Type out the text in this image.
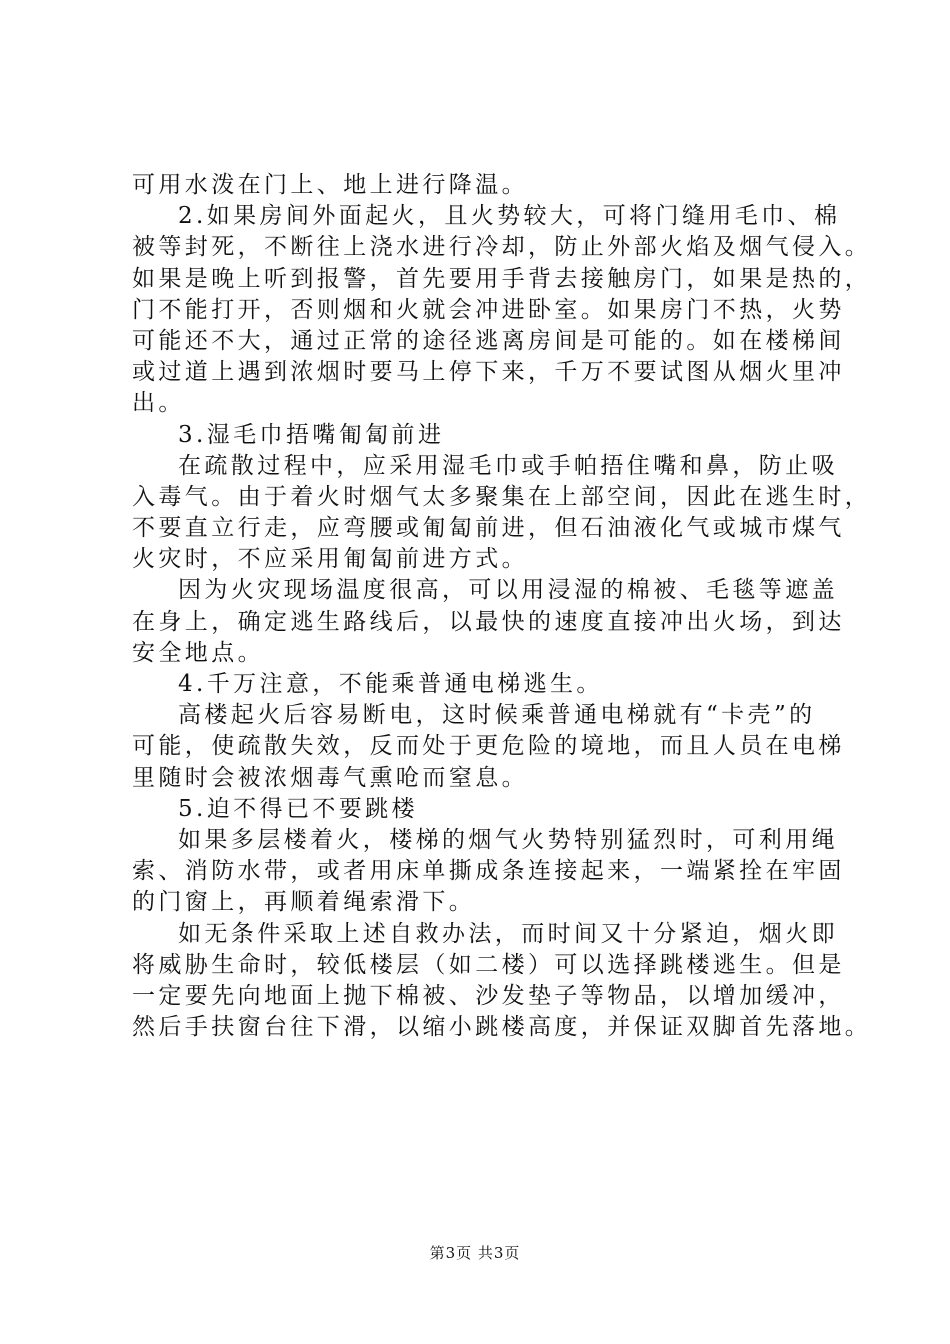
可用水泼在门上、地上进行降温。
2.如果房间外面起火，且火势较大，可将门缝用毛巾、棉
被等封死，不断往上浇水进行冷却，防止外部火焰及烟气侵入。
如果是晚上听到报警，首先要用手背去接触房门，如果是热的，
门不能打开，否则烟和火就会冲进卧室。如果房门不热，火势
可能还不大，通过正常的途径逃离房间是可能的。如在楼梯间
或过道上遇到浓烟时要马上停下来，千万不要试图从烟火里冲
出。
3.湿毛巾捂嘴匍匐前进
在疏散过程中，应采用湿毛巾或手帕捂住嘴和鼻，防止吸
入毒气。由于着火时烟气太多聚集在上部空间，因此在逃生时，
不要直立行走，应弯腰或匍匐前进，但石油液化气或城市煤气
火灾时，不应采用匍匐前进方式。
因为火灾现场温度很高，可以用浸湿的棉被、毛毯等遮盖
在身上，确定逃生路线后，以最快的速度直接冲出火场，到达
安全地点。
4.千万注意，不能乘普通电梯逃生。
高楼起火后容易断电，这时候乘普通电梯就有“卡壳”的
可能，使疏散失效，反而处于更危险的境地，而且人员在电梯
里随时会被浓烟毒气熏呛而窒息。
5.迫不得已不要跳楼
如果多层楼着火，楼梯的烟气火势特别猛烈时，可利用绳
索、消防水带，或者用床单撕成条连接起来，一端紧拴在牢固
的门窗上，再顺着绳索滑下。
如无条件采取上述自救办法，而时间又十分紧迫，烟火即
将威胁生命时，较低楼层（如二楼）可以选择跳楼逃生。但是
一定要先向地面上抛下棉被、沙发垫子等物品，以增加缓冲，
然后手扶窗台往下滑，以缩小跳楼高度，并保证双脚首先落地。
第3页 共3页
